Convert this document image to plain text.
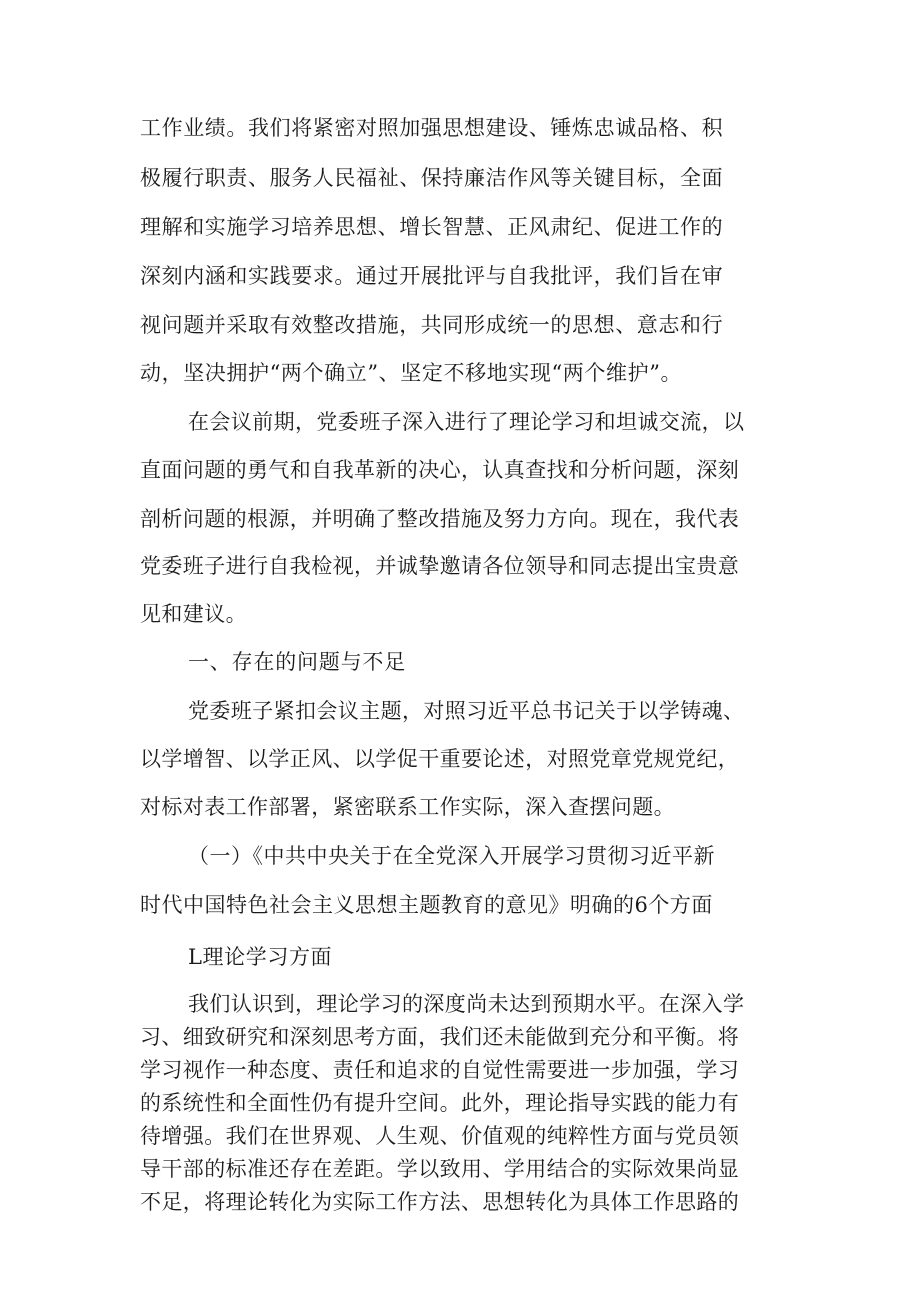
工作业绩。我们将紧密对照加强思想建设、锤炼忠诚品格、积
极履行职责、服务人民福祉、保持廉洁作风等关键目标，全面
理解和实施学习培养思想、增长智慧、正风肃纪、促进工作的
深刻内涵和实践要求。通过开展批评与自我批评，我们旨在审
视问题并采取有效整改措施，共同形成统一的思想、意志和行
动，坚决拥护“两个确立”、坚定不移地实现“两个维护”。
在会议前期，党委班子深入进行了理论学习和坦诚交流，以
直面问题的勇气和自我革新的决心，认真查找和分析问题，深刻
剖析问题的根源，并明确了整改措施及努力方向。现在，我代表
党委班子进行自我检视，并诚挚邀请各位领导和同志提出宝贵意
见和建议。
一、存在的问题与不足
党委班子紧扣会议主题，对照习近平总书记关于以学铸魂、
以学增智、以学正风、以学促干重要论述，对照党章党规党纪，
对标对表工作部署，紧密联系工作实际，深入查摆问题。
（一）《中共中央关于在全党深入开展学习贯彻习近平新
时代中国特色社会主义思想主题教育的意见》明确的6个方面
L理论学习方面
我们认识到，理论学习的深度尚未达到预期水平。在深入学
习、细致研究和深刻思考方面，我们还未能做到充分和平衡。将
学习视作一种态度、责任和追求的自觉性需要进一步加强，学习
的系统性和全面性仍有提升空间。此外，理论指导实践的能力有
待增强。我们在世界观、人生观、价值观的纯粹性方面与党员领
导干部的标准还存在差距。学以致用、学用结合的实际效果尚显
不足，将理论转化为实际工作方法、思想转化为具体工作思路的
